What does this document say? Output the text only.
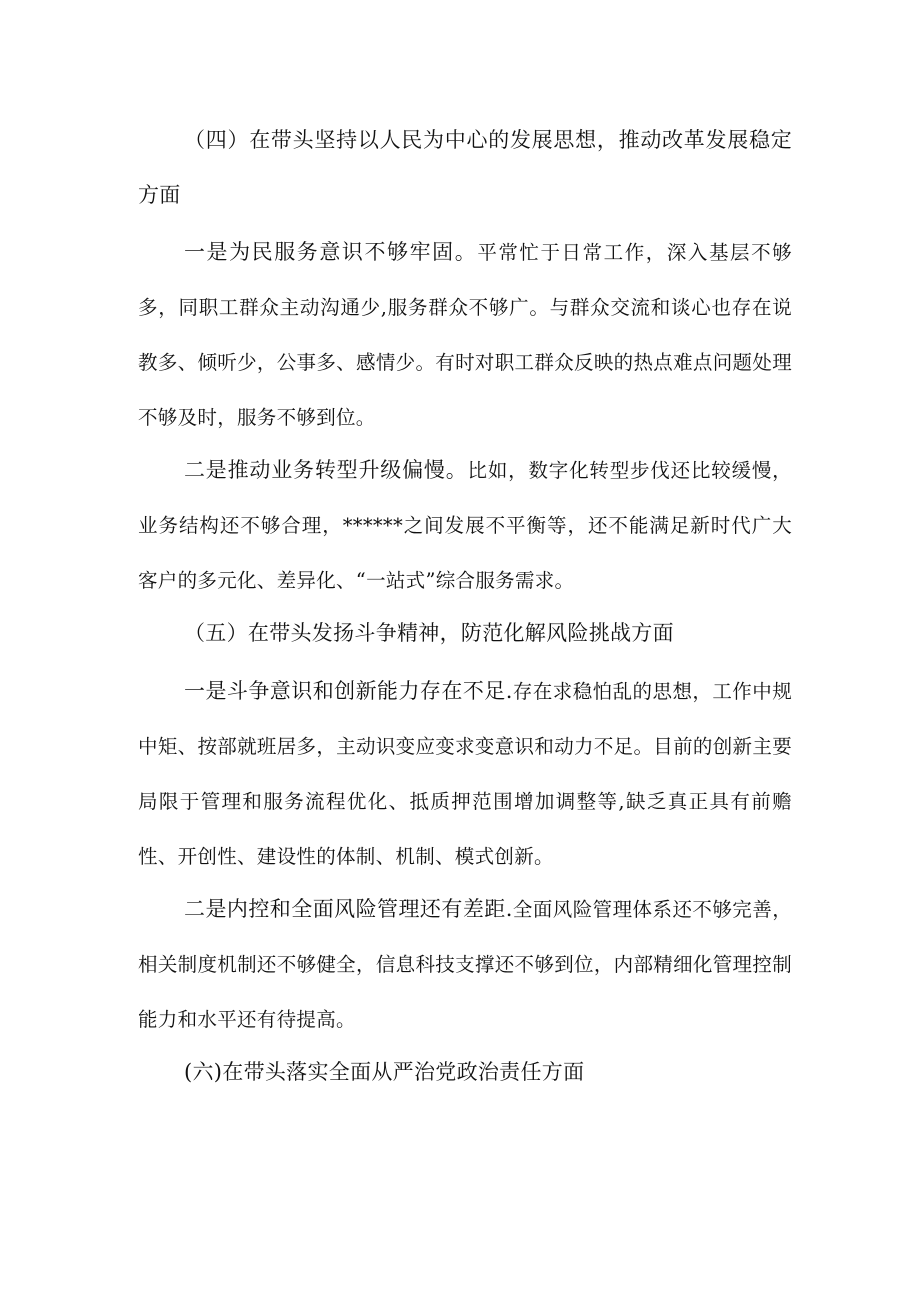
（四）在带头坚持以人民为中心的发展思想，推动改革发展稳定方面

一是为民服务意识不够牢固。平常忙于日常工作，深入基层不够多，同职工群众主动沟通少,服务群众不够广。与群众交流和谈心也存在说教多、倾听少，公事多、感情少。有时对职工群众反映的热点难点问题处理不够及时，服务不够到位。

二是推动业务转型升级偏慢。比如，数字化转型步伐还比较缓慢，业务结构还不够合理，******之间发展不平衡等，还不能满足新时代广大客户的多元化、差异化、“一站式”综合服务需求。

（五）在带头发扬斗争精神，防范化解风险挑战方面

一是斗争意识和创新能力存在不足.存在求稳怕乱的思想，工作中规中矩、按部就班居多，主动识变应变求变意识和动力不足。目前的创新主要局限于管理和服务流程优化、抵质押范围增加调整等,缺乏真正具有前赡性、开创性、建设性的体制、机制、模式创新。

二是内控和全面风险管理还有差距.全面风险管理体系还不够完善，相关制度机制还不够健全，信息科技支撑还不够到位，内部精细化管理控制能力和水平还有待提高。

(六)在带头落实全面从严治党政治责任方面
